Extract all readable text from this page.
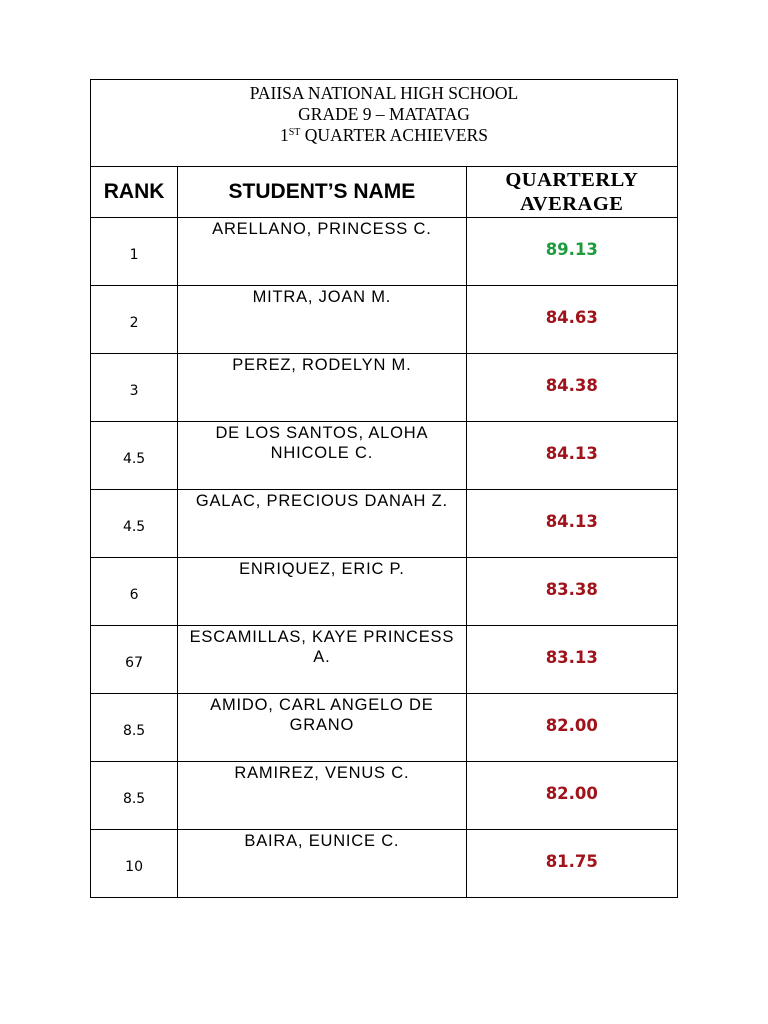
PAIISA NATIONAL HIGH SCHOOL
GRADE 9 – MATATAG
1ST QUARTER ACHIEVERS		

RANK	STUDENT’S NAME	QUARTERLY
AVERAGE

1	ARELLANO, PRINCESS C.	89.13
2	MITRA, JOAN M.	84.63
3	PEREZ, RODELYN M.	84.38
4.5	DE LOS SANTOS, ALOHA NHICOLE C.	84.13
4.5	GALAC, PRECIOUS DANAH Z.	84.13
6	ENRIQUEZ, ERIC P.	83.38
67	ESCAMILLAS, KAYE PRINCESS A.	83.13
8.5	AMIDO, CARL ANGELO DE GRANO	82.00
8.5	RAMIREZ, VENUS C.	82.00
10	BAIRA, EUNICE C.	81.75
